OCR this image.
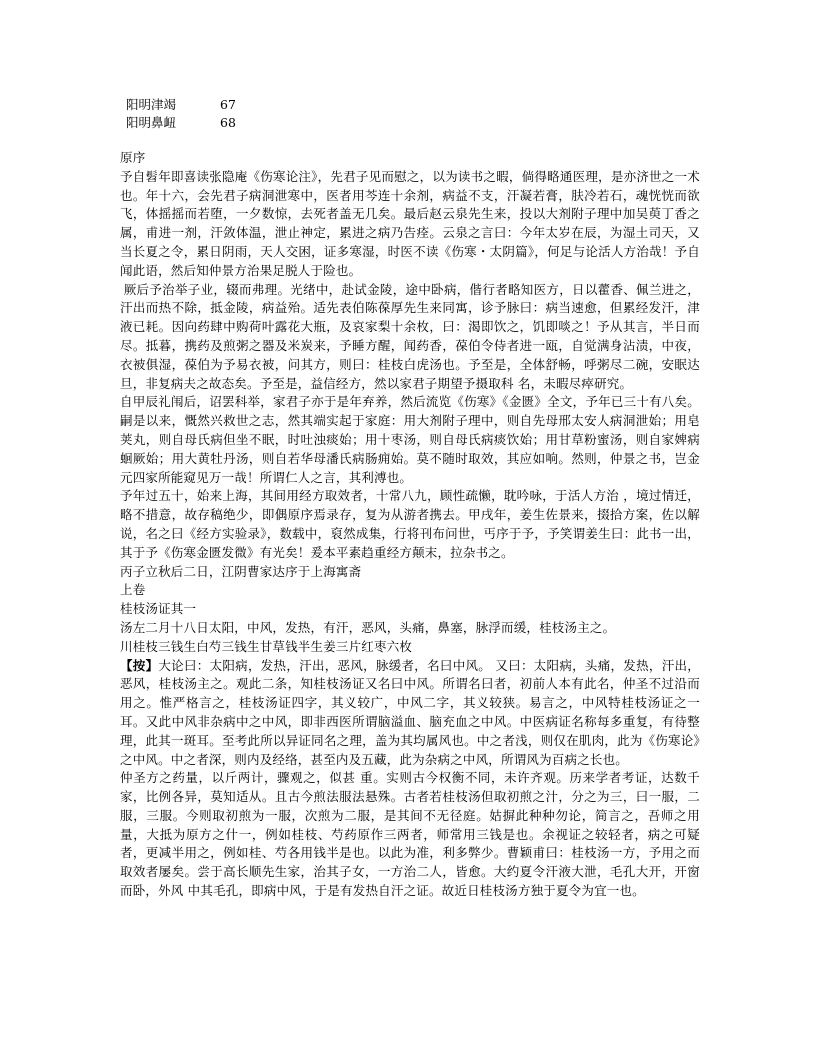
阳明津竭	67
阳明鼻衄	68

原序

予自髫年即喜读张隐庵《伤寒论注》，先君子见而慰之，以为读书之暇，倘得略通医理，是亦济世之一术也。年十六，会先君子病洞泄寒中，医者用芩连十余剂，病益不支，汗凝若膏，肤冷若石，魂恍恍而欲飞，体摇摇而若堕，一夕数惊，去死者盖无几矣。最后赵云泉先生来，投以大剂附子理中加吴萸丁香之属，甫进一剂，汗敛体温，泄止神定，累进之病乃告痊。云泉之言曰：今年太岁在辰，为湿土司天，又当长夏之令，累日阴雨，天人交困，证多寒湿，时医不读《伤寒・太阴篇》，何足与论活人方治哉！予自闻此语，然后知仲景方治果足脱人于险也。

厥后予治举子业，辍而弗理。光绪中，赴试金陵，途中卧病，偕行者略知医方，日以藿香、佩兰进之，汗出而热不除，抵金陵，病益殆。适先表伯陈葆厚先生来同寓，诊予脉曰：病当速愈，但累经发汗，津液已耗。因向药肆中购荷叶露花大瓶，及哀家梨十余枚，曰：渴即饮之，饥即啖之！予从其言，半日而尽。抵暮，携药及煎粥之器及米炭来，予睡方醒，闻药香，葆伯令侍者进一瓯，自觉满身沾渍，中夜，衣被俱湿，葆伯为予易衣被，问其方，则曰：桂枝白虎汤也。予至是，全体舒畅，呼粥尽二碗，安眠达旦，非复病夫之故态矣。予至是，益信经方，然以家君子期望予摄取科 名，未暇尽瘁研究。

自甲辰礼闱后，诏罢科举，家君子亦于是年弃养，然后流览《伤寒》《金匮》全文，予年已三十有八矣。嗣是以来，慨然兴救世之志，然其端实起于家庭：用大剂附子理中，则自先母邢太安人病洞泄始；用皂荚丸，则自母氏病但坐不眠，时吐浊痰始；用十枣汤，则自母氏病痰饮始；用甘草粉蜜汤，则自家婢病蛔厥始；用大黄牡丹汤，则自若华母潘氏病肠痈始。莫不随时取效，其应如响。然则，仲景之书，岂金元四家所能窥见万一哉！所谓仁人之言，其利溥也。

予年过五十，始来上海，其间用经方取效者，十常八九，顾性疏懒，耽吟咏，于活人方治 ，境过情迁，略不措意，故存稿绝少，即偶原序焉录存，复为从游者携去。甲戌年，姜生佐景来，掇拾方案，佐以解说，名之曰《经方实验录》，数载中，裒然成集，行将刊布问世，丐序于予，予笑谓姜生曰：此书一出，其于予《伤寒金匮发微》有光矣！爰本平素趋重经方颠末，拉杂书之。

丙子立秋后二日，江阴曹家达序于上海寓斋

上卷

桂枝汤证其一

汤左二月十八日太阳，中风，发热，有汗，恶风，头痛，鼻塞，脉浮而缓，桂枝汤主之。

川桂枝三钱生白芍三钱生甘草钱半生姜三片红枣六枚

【按】大论曰：太阳病，发热，汗出，恶风，脉缓者，名曰中风。 又曰：太阳病，头痛，发热，汗出，恶风，桂枝汤主之。观此二条，知桂枝汤证又名曰中风。所谓名曰者，初前人本有此名，仲圣不过沿而用之。惟严格言之，桂枝汤证四字，其义较广，中风二字，其义较狭。易言之，中风特桂枝汤证之一耳。又此中风非杂病中之中风，即非西医所谓脑溢血、脑充血之中风。中医病证名称每多重复，有待整理，此其一斑耳。至考此所以异证同名之理，盖为其均属风也。中之者浅，则仅在肌肉，此为《伤寒论》之中风。中之者深，则内及经络，甚至内及五藏，此为杂病之中风，所谓风为百病之长也。

仲圣方之药量，以斤两计，骤观之，似甚 重。实则古今权衡不同，未许齐观。历来学者考证，达数千家，比例各异，莫知适从。且古今煎法服法悬殊。古者若桂枝汤但取初煎之汁，分之为三，曰一服，二服，三服。今则取初煎为一服，次煎为二服，是其间不无径庭。姑摒此种种勿论，简言之，吾师之用量，大抵为原方之什一，例如桂枝、芍药原作三两者，师常用三钱是也。余视证之较轻者，病之可疑者，更减半用之，例如桂、芍各用钱半是也。以此为准，利多弊少。曹颖甫曰：桂枝汤一方，予用之而取效者屡矣。尝于高长顺先生家，治其子女，一方治二人，皆愈。大约夏令汗液大泄，毛孔大开，开窗而卧，外风 中其毛孔，即病中风，于是有发热自汗之证。故近日桂枝汤方独于夏令为宜一也。
